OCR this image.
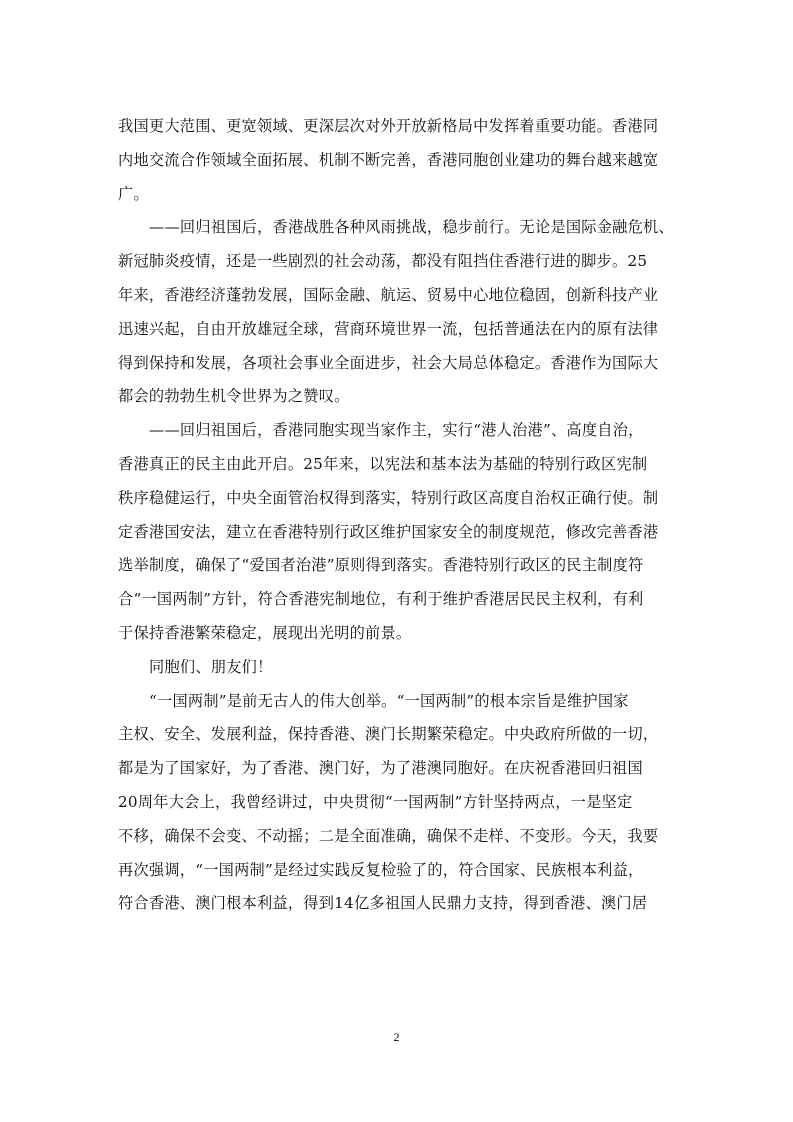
我国更大范围、更宽领域、更深层次对外开放新格局中发挥着重要功能。香港同
内地交流合作领域全面拓展、机制不断完善，香港同胞创业建功的舞台越来越宽
广。
——回归祖国后，香港战胜各种风雨挑战，稳步前行。无论是国际金融危机、
新冠肺炎疫情，还是一些剧烈的社会动荡，都没有阻挡住香港行进的脚步。25
年来，香港经济蓬勃发展，国际金融、航运、贸易中心地位稳固，创新科技产业
迅速兴起，自由开放雄冠全球，营商环境世界一流，包括普通法在内的原有法律
得到保持和发展，各项社会事业全面进步，社会大局总体稳定。香港作为国际大
都会的勃勃生机令世界为之赞叹。
——回归祖国后，香港同胞实现当家作主，实行“港人治港”、高度自治，
香港真正的民主由此开启。25年来，以宪法和基本法为基础的特别行政区宪制
秩序稳健运行，中央全面管治权得到落实，特别行政区高度自治权正确行使。制
定香港国安法，建立在香港特别行政区维护国家安全的制度规范，修改完善香港
选举制度，确保了“爱国者治港”原则得到落实。香港特别行政区的民主制度符
合“一国两制”方针，符合香港宪制地位，有利于维护香港居民民主权利，有利
于保持香港繁荣稳定，展现出光明的前景。
同胞们、朋友们！
“一国两制”是前无古人的伟大创举。“一国两制”的根本宗旨是维护国家
主权、安全、发展利益，保持香港、澳门长期繁荣稳定。中央政府所做的一切，
都是为了国家好，为了香港、澳门好，为了港澳同胞好。在庆祝香港回归祖国
20周年大会上，我曾经讲过，中央贯彻“一国两制”方针坚持两点，一是坚定
不移，确保不会变、不动摇；二是全面准确，确保不走样、不变形。今天，我要
再次强调，“一国两制”是经过实践反复检验了的，符合国家、民族根本利益，
符合香港、澳门根本利益，得到14亿多祖国人民鼎力支持，得到香港、澳门居
2
